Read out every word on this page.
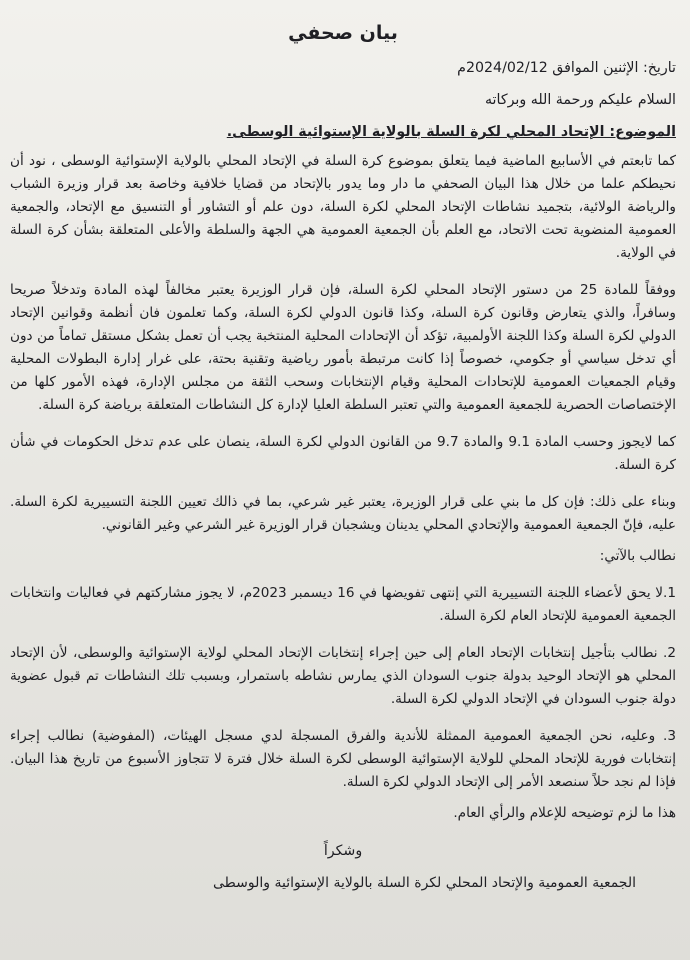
بيان صحفي

تاريخ: الإثنين الموافق 2024/02/12م

السلام عليكم ورحمة الله وبركاته

الموضوع: الإتحاد المحلي لكرة السلة بالولاية الإستوائية الوسطى.

كما تابعتم في الأسابيع الماضية فيما يتعلق بموضوع كرة السلة في الإتحاد المحلي بالولاية الإستوائية الوسطى ، نود أن نحيطكم علما من خلال هذا البيان الصحفي ما دار وما يدور بالإتحاد من قضايا خلافية وخاصة بعد قرار وزيرة الشباب والرياضة الولائية، بتجميد نشاطات الإتحاد المحلي لكرة السلة، دون علم أو التشاور أو التنسيق مع الإتحاد، والجمعية العمومية المنضوية تحت الاتحاد، مع العلم بأن الجمعية العمومية هي الجهة والسلطة والأعلى المتعلقة بشأن كرة السلة في الولاية.

ووفقاً للمادة 25 من دستور الإتحاد المحلي لكرة السلة، فإن قرار الوزيرة يعتبر مخالفاً لهذه المادة وتدخلاً صريحا وسافراً، والذي يتعارض وقانون كرة السلة، وكذا قانون الدولي لكرة السلة، وكما تعلمون فان أنظمة وقوانين الإتحاد الدولي لكرة السلة وكذا اللجنة الأولمبية، تؤكد أن الإتحادات المحلية المنتخبة يجب أن تعمل بشكل مستقل تماماً من دون أي تدخل سياسي أو جكومي، خصوصاً إذا كانت مرتبطة بأمور رياضية وتقنية بحتة، على غرار إدارة البطولات المحلية وقيام الجمعيات العمومية للإتحادات المحلية وقيام الإنتخابات وسحب الثقة من مجلس الإدارة، فهذه الأمور كلها من الإختصاصات الحصرية للجمعية العمومية والتي تعتبر السلطة العليا لإدارة كل النشاطات المتعلقة برياضة كرة السلة.

كما لايجوز وحسب المادة 9.1 والمادة 9.7 من القانون الدولي لكرة السلة، ينصان على عدم تدخل الحكومات في شأن كرة السلة.

وبناء على ذلك: فإن كل ما بني على قرار الوزيرة، يعتبر غير شرعي، بما في ذالك تعيين اللجنة التسييرية لكرة السلة. عليه، فإنّ الجمعية العمومية والإتحادي المحلي يدينان ويشجبان قرار الوزيرة غير الشرعي وغير القانوني.

نطالب بالآتي:

1.لا يحق لأعضاء اللجنة التسييرية التي إنتهى تفويضها في 16 ديسمبر 2023م، لا يجوز مشاركتهم في فعاليات وانتخابات الجمعية العمومية للإتحاد العام لكرة السلة.

2. نطالب بتأجيل إنتخابات الإتحاد العام إلى حين إجراء إنتخابات الإتحاد المحلي لولاية الإستوائية والوسطى، لأن الإتحاد المحلي هو الإتحاد الوحيد بدولة جنوب السودان الذي يمارس نشاطه باستمرار، وبسبب تلك النشاطات تم قبول عضوية دولة جنوب السودان في الإتحاد الدولي لكرة السلة.

3. وعليه، نحن الجمعية العمومية الممثلة للأندية والفرق المسجلة لدي مسجل الهيئات، (المفوضية) نطالب إجراء إنتخابات فورية للإتحاد المحلي للولاية الإستوائية الوسطى لكرة السلة خلال فترة لا تتجاوز الأسبوع من تاريخ هذا البيان. فإذا لم نجد حلاً سنصعد الأمر إلى الإتحاد الدولي لكرة السلة.

هذا ما لزم توضيحه للإعلام والرأي العام.

وشكراً

الجمعية العمومية والإتحاد المحلي لكرة السلة بالولاية الإستوائية والوسطى
